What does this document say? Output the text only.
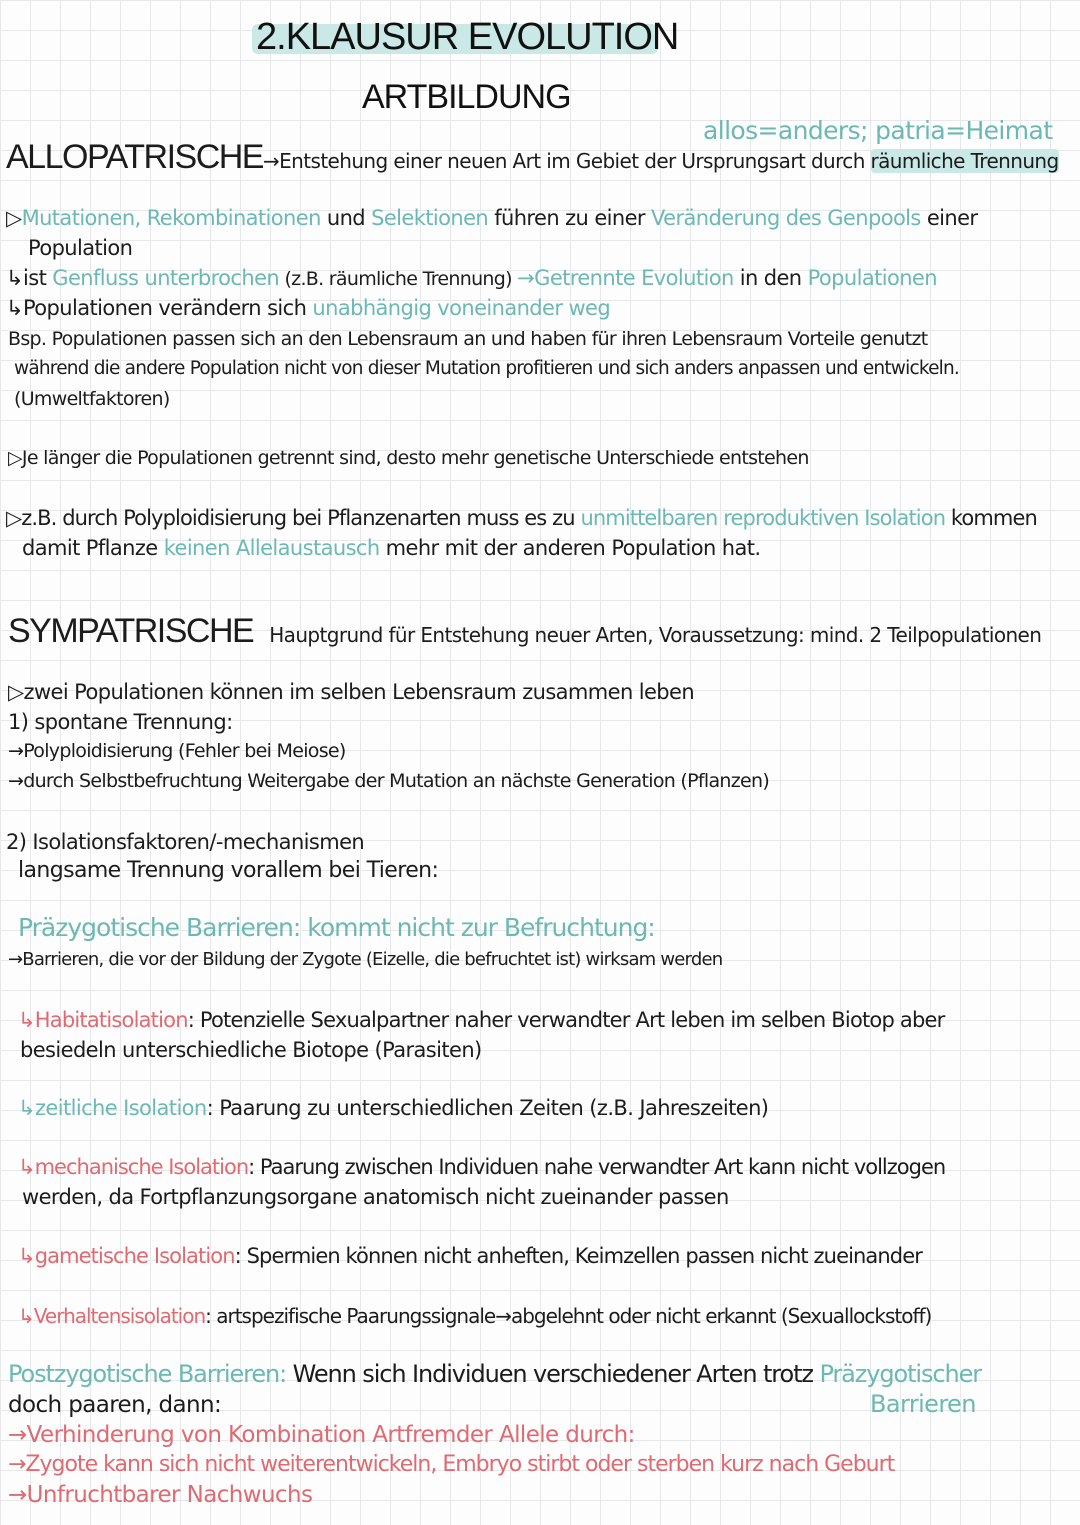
2.KLAUSUR EVOLUTION
ARTBILDUNG
allos=anders; patria=Heimat
ALLOPATRISCHE→Entstehung einer neuen Art im Gebiet der Ursprungsart durch räumliche Trennung
▷Mutationen, Rekombinationen und Selektionen führen zu einer Veränderung des Genpools einer
Population
↳ist Genfluss unterbrochen (z.B. räumliche Trennung) →Getrennte Evolution in den Populationen
↳Populationen verändern sich unabhängig voneinander weg
Bsp. Populationen passen sich an den Lebensraum an und haben für ihren Lebensraum Vorteile genutzt
während die andere Population nicht von dieser Mutation profitieren und sich anders anpassen und entwickeln.
(Umweltfaktoren)
▷Je länger die Populationen getrennt sind, desto mehr genetische Unterschiede entstehen
▷z.B. durch Polyploidisierung bei Pflanzenarten muss es zu unmittelbaren reproduktiven Isolation kommen
damit Pflanze keinen Allelaustausch mehr mit der anderen Population hat.
SYMPATRISCHE Hauptgrund für Entstehung neuer Arten, Voraussetzung: mind. 2 Teilpopulationen
▷zwei Populationen können im selben Lebensraum zusammen leben
1) spontane Trennung:
→Polyploidisierung (Fehler bei Meiose)
→durch Selbstbefruchtung Weitergabe der Mutation an nächste Generation (Pflanzen)
2) Isolationsfaktoren/-mechanismen
langsame Trennung vorallem bei Tieren:
Präzygotische Barrieren: kommt nicht zur Befruchtung:
→Barrieren, die vor der Bildung der Zygote (Eizelle, die befruchtet ist) wirksam werden
↳Habitatisolation: Potenzielle Sexualpartner naher verwandter Art leben im selben Biotop aber
besiedeln unterschiedliche Biotope (Parasiten)
↳zeitliche Isolation: Paarung zu unterschiedlichen Zeiten (z.B. Jahreszeiten)
↳mechanische Isolation: Paarung zwischen Individuen nahe verwandter Art kann nicht vollzogen
werden, da Fortpflanzungsorgane anatomisch nicht zueinander passen
↳gametische Isolation: Spermien können nicht anheften, Keimzellen passen nicht zueinander
↳Verhaltensisolation: artspezifische Paarungssignale→abgelehnt oder nicht erkannt (Sexuallockstoff)
Postzygotische Barrieren: Wenn sich Individuen verschiedener Arten trotz Präzygotischer
Barrieren
doch paaren, dann:
→Verhinderung von Kombination Artfremder Allele durch:
→Zygote kann sich nicht weiterentwickeln, Embryo stirbt oder sterben kurz nach Geburt
→Unfruchtbarer Nachwuchs
